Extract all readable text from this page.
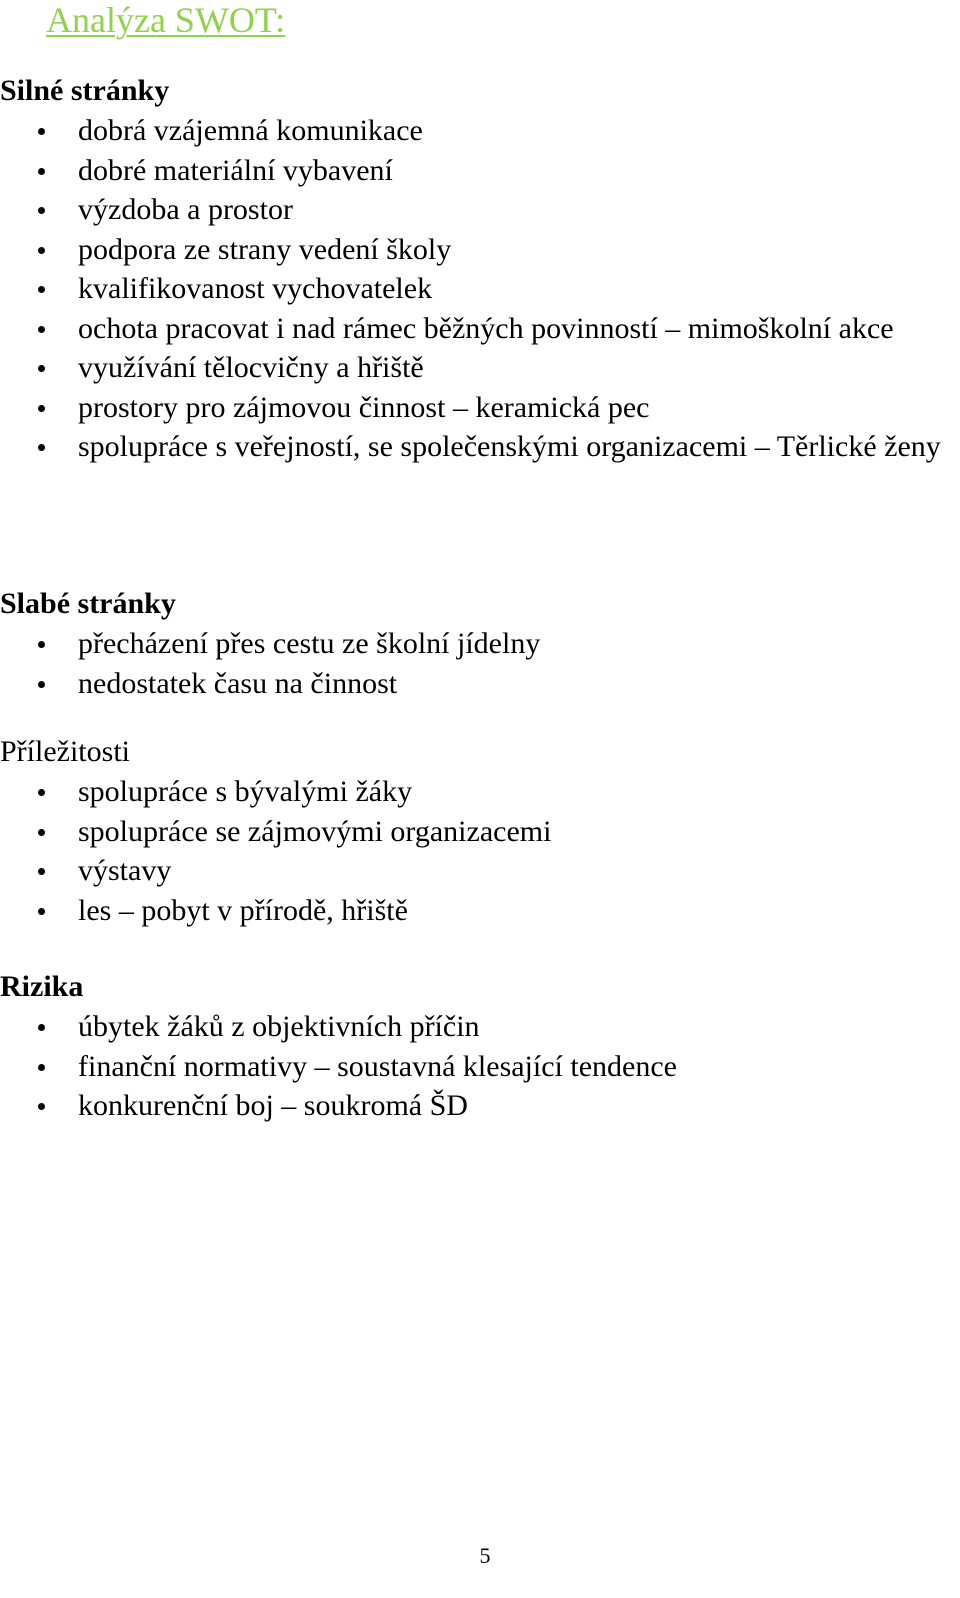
Analýza SWOT:
Silné stránky
dobrá vzájemná komunikace
dobré materiální vybavení
výzdoba a prostor
podpora ze strany vedení školy
kvalifikovanost vychovatelek
ochota pracovat i nad rámec běžných povinností – mimoškolní akce
využívání tělocvičny a hřiště
prostory pro zájmovou činnost – keramická pec
spolupráce s veřejností, se společenskými organizacemi – Těrlické ženy
Slabé stránky
přecházení přes cestu ze školní jídelny
nedostatek času na činnost
Příležitosti
spolupráce s bývalými žáky
spolupráce se zájmovými organizacemi
výstavy
les – pobyt v přírodě, hřiště
Rizika
úbytek žáků z objektivních příčin
finanční normativy – soustavná klesající tendence
konkurenční boj – soukromá ŠD
5
